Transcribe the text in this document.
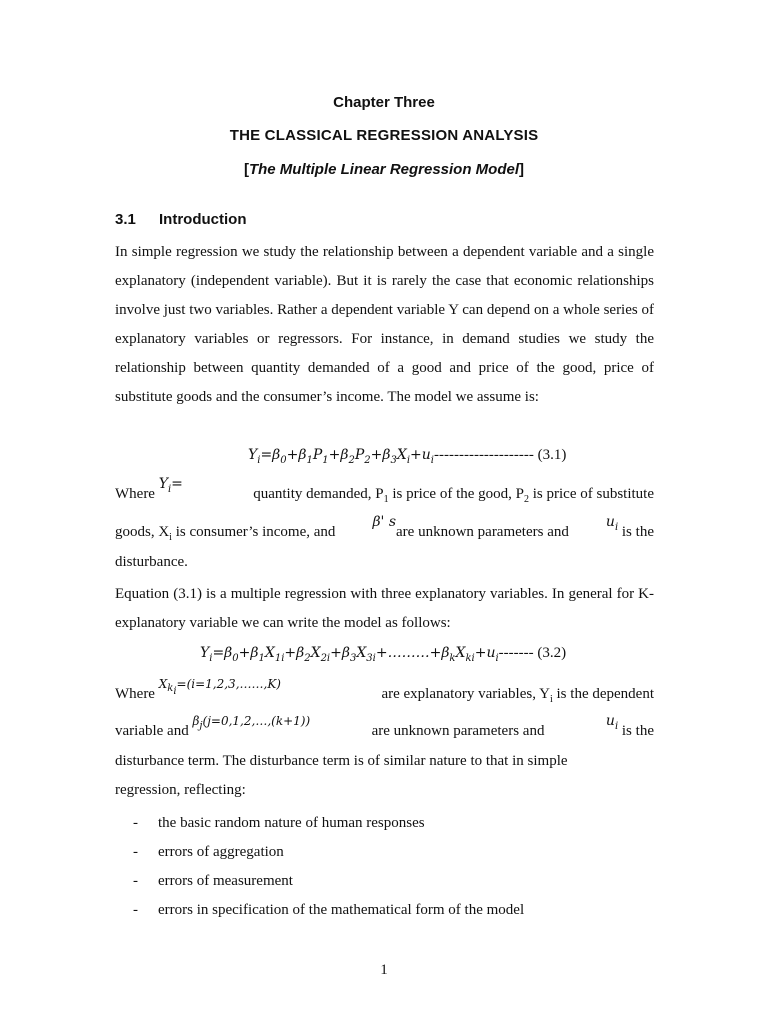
Chapter Three
THE CLASSICAL REGRESSION ANALYSIS
[The Multiple Linear Regression Model]
3.1 Introduction
In simple regression we study the relationship between a dependent variable and a single explanatory (independent variable). But it is rarely the case that economic relationships involve just two variables. Rather a dependent variable Y can depend on a whole series of explanatory variables or regressors. For instance, in demand studies we study the relationship between quantity demanded of a good and price of the good, price of substitute goods and the consumer’s income. The model we assume is:
$Y_i=\beta_0+\beta_1P_1+\beta_2P_2+\beta_3X_i+u_i--------------------$ (3.1)
Where $Y_i=$
quantity demanded, $P_1$ is price of the good, $P_2$ is price of substitute
goods, $X_i$ is consumer’s income, and
β' sare unknown parameters and
$u_i$ is the
disturbance.
Equation (3.1) is a multiple regression with three explanatory variables. In general for K-explanatory variable we can write the model as follows:
$Y_i=\beta_0+\beta_1X_{1i}+\beta_2X_{2i}+\beta_3X_{3i}+\dots\dots\dots+\beta_kX_{ki}+u_i-------$ (3.2)
Where $^{X_{k_i}=(i=1,2,3,\dots\dots,K)}$
are explanatory variables, $Y_i$ is the dependent
variable and $^{\beta_j(j=0,1,2,\dots,(k+1))}$
are unknown parameters and
$u_i$ is the
disturbance term. The disturbance term is of similar nature to that in simple
regression, reflecting:
-	the basic random nature of human responses
-	errors of aggregation
-	errors of measurement
-	errors in specification of the mathematical form of the model
1
